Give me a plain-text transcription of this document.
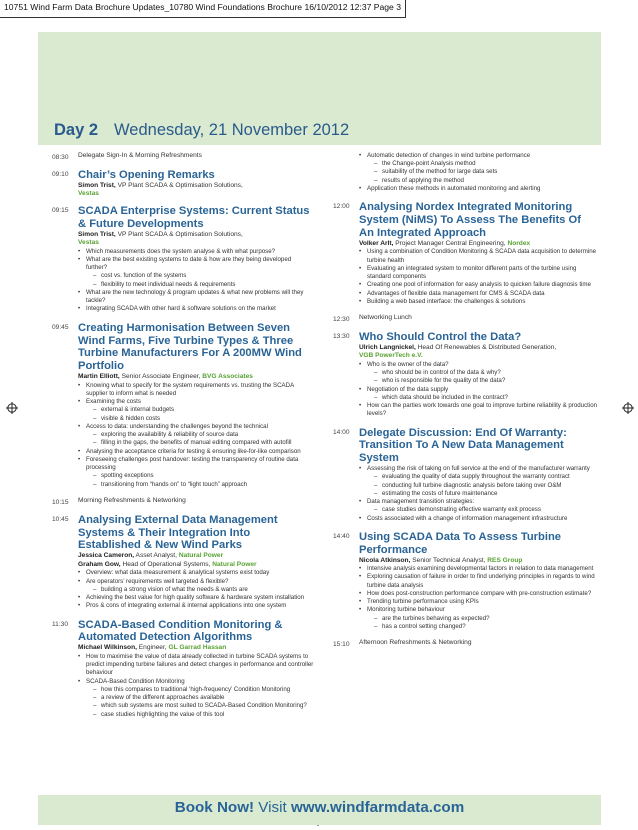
10751 Wind Farm Data Brochure Updates_10780 Wind Foundations Brochure 16/10/2012 12:37 Page 3
Day 2 Wednesday, 21 November 2012
08:30 Delegate Sign-In & Morning Refreshments
09:10 Chair’s Opening Remarks
Simon Trist, VP Plant SCADA & Optimisation Solutions,
Vestas
09:15 SCADA Enterprise Systems: Current Status & Future Developments
Simon Trist, VP Plant SCADA & Optimisation Solutions,
Vestas
• Which measurements does the system analyse & with what purpose?
• What are the best existing systems to date & how are they being developed further?
– cost vs. function of the systems
– flexibility to meet individual needs & requirements
• What are the new technology & program updates & what new problems will they tackle?
• Integrating SCADA with other hard & software solutions on the market
09:45 Creating Harmonisation Between Seven Wind Farms, Five Turbine Types & Three Turbine Manufacturers For A 200MW Wind Portfolio
Martin Elliott, Senior Associate Engineer, BVG Associates
• Knowing what to specify for the system requirements vs. trusting the SCADA supplier to inform what is needed
• Examining the costs
– external & internal budgets
– visible & hidden costs
• Access to data: understanding the challenges beyond the technical
– exploring the availability & reliability of source data
– filling in the gaps, the benefits of manual editing compared with autofill
• Analysing the acceptance criteria for testing & ensuring like-for-like comparison
• Foreseeing challenges post handover: testing the transparency of routine data processing
– spotting exceptions
– transitioning from “hands on” to “light touch” approach
10:15 Morning Refreshments & Networking
10:45 Analysing External Data Management Systems & Their Integration Into Established & New Wind Parks
Jessica Cameron, Asset Analyst, Natural Power
Graham Gow, Head of Operational Systems, Natural Power
• Overview: what data measurement & analytical systems exist today
• Are operators’ requirements well targeted & flexible?
– building a strong vision of what the needs & wants are
• Achieving the best value for high quality software & hardware system installation
• Pros & cons of integrating external & internal applications into one system
11:30 SCADA-Based Condition Monitoring & Automated Detection Algorithms
Michael Wilkinson, Engineer, GL Garrad Hassan
• How to maximise the value of data already collected in turbine SCADA systems to predict impending turbine failures and detect changes in performance and controller behaviour
• SCADA-Based Condition Monitoring
– how this compares to traditional ‘high-frequency’ Condition Monitoring
– a review of the different approaches available
– which sub systems are most suited to SCADA-Based Condition Monitoring?
– case studies highlighting the value of this tool
• Automatic detection of changes in wind turbine performance
– the Change-point Analysis method
– suitability of the method for large data sets
– results of applying the method
• Application these methods in automated monitoring and alerting
12:00 Analysing Nordex Integrated Monitoring System (NiMS) To Assess The Benefits Of An Integrated Approach
Volker Arlt, Project Manager Central Engineering, Nordex
• Using a combination of Condition Monitoring & SCADA data acquisition to determine turbine health
• Evaluating an integrated system to monitor different parts of the turbine using standard components
• Creating one pool of information for easy analysis to quicken failure diagnosis time
• Advantages of flexible data management for CMS & SCADA data
• Building a web based interface: the challenges & solutions
12:30 Networking Lunch
13:30 Who Should Control the Data?
Ulrich Langnickel, Head Of Renewables & Distributed Generation,
VGB PowerTech e.V.
• Who is the owner of the data?
– who should be in control of the data & why?
– who is responsible for the quality of the data?
• Negotiation of the data supply
– which data should be included in the contract?
• How can the parties work towards one goal to improve turbine reliability & production levels?
14:00 Delegate Discussion: End Of Warranty: Transition To A New Data Management System
• Assessing the risk of taking on full service at the end of the manufacturer warranty
– evaluating the quality of data supply throughout the warranty contract
– conducting full turbine diagnostic analysis before taking over O&M
– estimating the costs of future maintenance
• Data management transition strategies:
– case studies demonstrating effective warranty exit process
• Costs associated with a change of information management infrastructure
14:40 Using SCADA Data To Assess Turbine Performance
Nicola Atkinson, Senior Technical Analyst, RES Group
• Intensive analysis examining developmental factors in relation to data management
• Exploring causation of failure in order to find underlying principles in regards to wind turbine data analysis
• How does post-construction performance compare with pre-construction estimate?
• Trending turbine performance using KPIs
• Monitoring turbine behaviour
– are the turbines behaving as expected?
– has a control setting changed?
15:10 Afternoon Refreshments & Networking
Book Now! Visit www.windfarmdata.com
